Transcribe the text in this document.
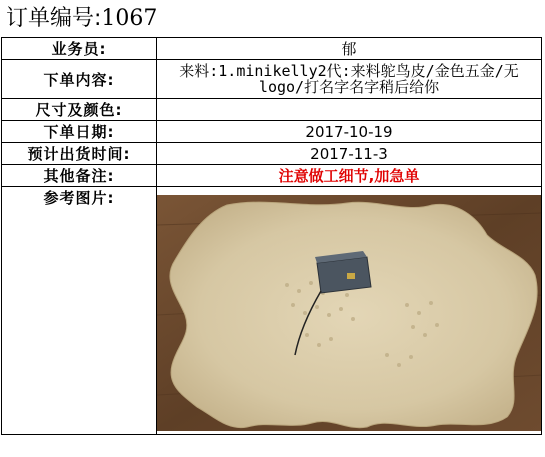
订单编号:1067
业务员:	郁
下单内容:	来料:1.minikelly2代:来料鸵鸟皮/金色五金/无logo/打名字名字稍后给你
尺寸及颜色:	
下单日期:	2017-10-19
预计出货时间:	2017-11-3
其他备注:	注意做工细节,加急单
参考图片:	
